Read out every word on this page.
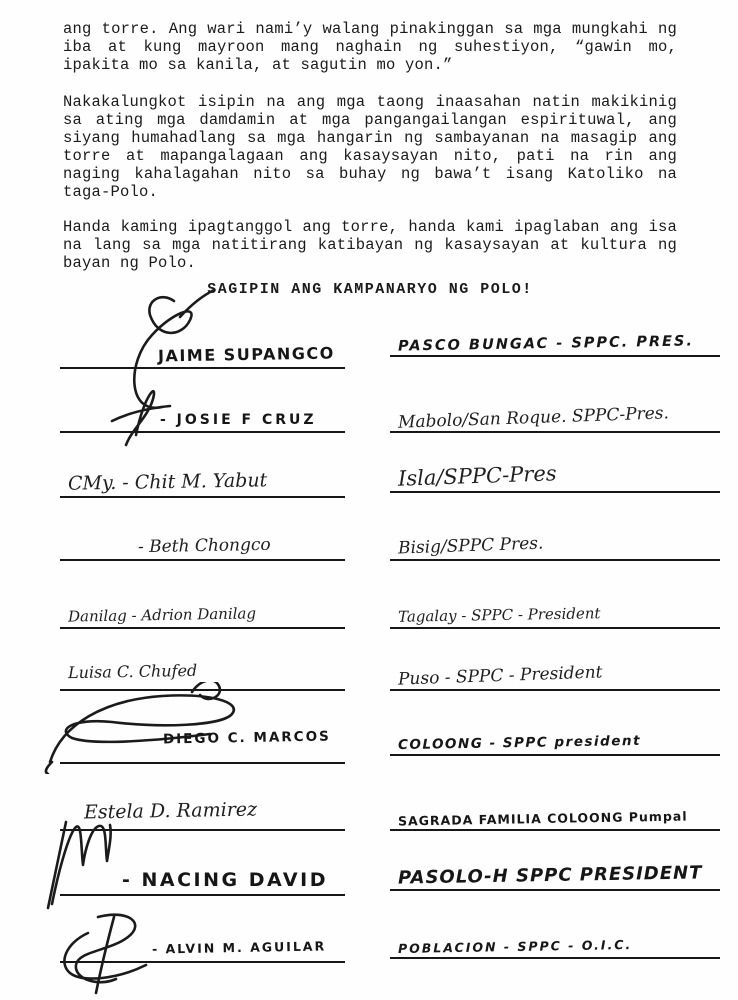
ang torre. Ang wari nami’y walang pinakinggan sa mga mungkahi ng iba at kung mayroon mang naghain ng suhestiyon, “gawin mo, ipakita mo sa kanila, at sagutin mo yon.”

Nakakalungkot isipin na ang mga taong inaasahan natin makikinig sa ating mga damdamin at mga pangangailangan espirituwal, ang siyang humahadlang sa mga hangarin ng sambayanan na masagip ang torre at mapangalagaan ang kasaysayan nito, pati na rin ang naging kahalagahan nito sa buhay ng bawa’t isang Katoliko na taga-Polo.

Handa kaming ipagtanggol ang torre, handa kami ipaglaban ang isa na lang sa mga natitirang katibayan ng kasaysayan at kultura ng bayan ng Polo.

SAGIPIN ANG KAMPANARYO NG POLO!
JAIME SUPANGCO	PASCO BUNGAC - SPPC. PRES.
- JOSIE F CRUZ	Mabolo/San Roque. SPPC-Pres.
CMy. - Chit M. Yabut	Isla/SPPC-Pres
- Beth Chongco	Bisig/SPPC Pres.
Danilag - Adrion Danilag	Tagalay - SPPC - President
Luisa C. Chufed	Puso - SPPC - President
DIEGO C. MARCOS	COLOONG - SPPC president
Estela D. Ramirez	SAGRADA FAMILIA COLOONG Pumpal
- NACING DAVID	PASOLO-H SPPC PRESIDENT
- ALVIN M. AGUILAR	POBLACION - SPPC - O.I.C.
